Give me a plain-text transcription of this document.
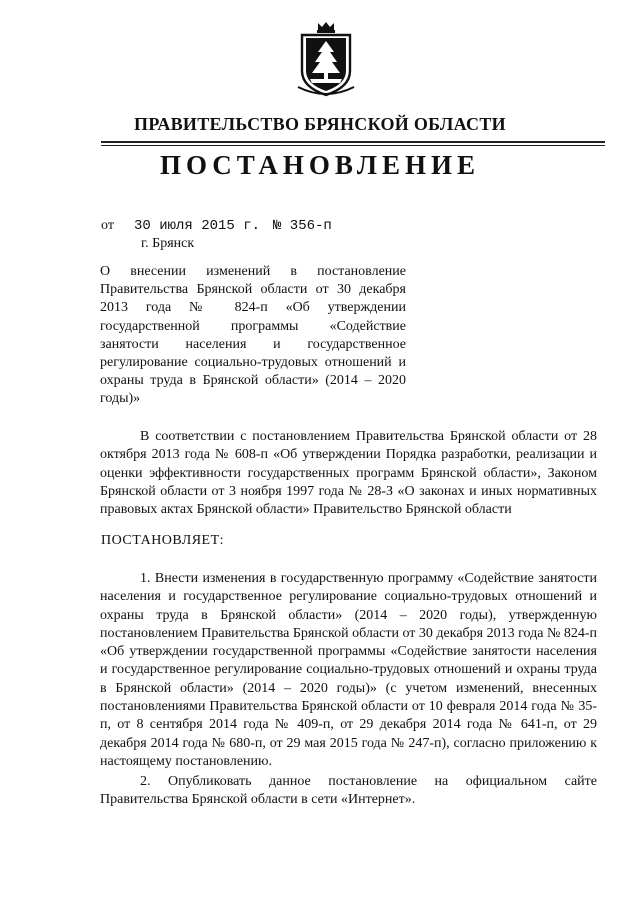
ПРАВИТЕЛЬСТВО БРЯНСКОЙ ОБЛАСТИ
ПОСТАНОВЛЕНИЕ
от 30 июля 2015 г. № 356-п
г. Брянск
О внесении изменений в постановление Правительства Брянской области от 30 декабря 2013 года № 824-п «Об утверждении государственной программы «Содействие занятости населения и государственное регулирование социально-трудовых отношений и охраны труда в Брянской области» (2014 – 2020 годы)»
В соответствии с постановлением Правительства Брянской области от 28 октября 2013 года № 608-п «Об утверждении Порядка разработки, реализации и оценки эффективности государственных программ Брянской области», Законом Брянской области от 3 ноября 1997 года № 28-З «О законах и иных нормативных правовых актах Брянской области» Правительство Брянской области
ПОСТАНОВЛЯЕТ:
1. Внести изменения в государственную программу «Содействие занятости населения и государственное регулирование социально-трудовых отношений и охраны труда в Брянской области» (2014 – 2020 годы), утвержденную постановлением Правительства Брянской области от 30 декабря 2013 года № 824-п «Об утверждении государственной программы «Содействие занятости населения и государственное регулирование социально-трудовых отношений и охраны труда в Брянской области» (2014 – 2020 годы)» (с учетом изменений, внесенных постановлениями Правительства Брянской области от 10 февраля 2014 года № 35-п, от 8 сентября 2014 года № 409-п, от 29 декабря 2014 года № 641-п, от 29 декабря 2014 года № 680-п, от 29 мая 2015 года № 247-п), согласно приложению к настоящему постановлению.
2. Опубликовать данное постановление на официальном сайте Правительства Брянской области в сети «Интернет».
